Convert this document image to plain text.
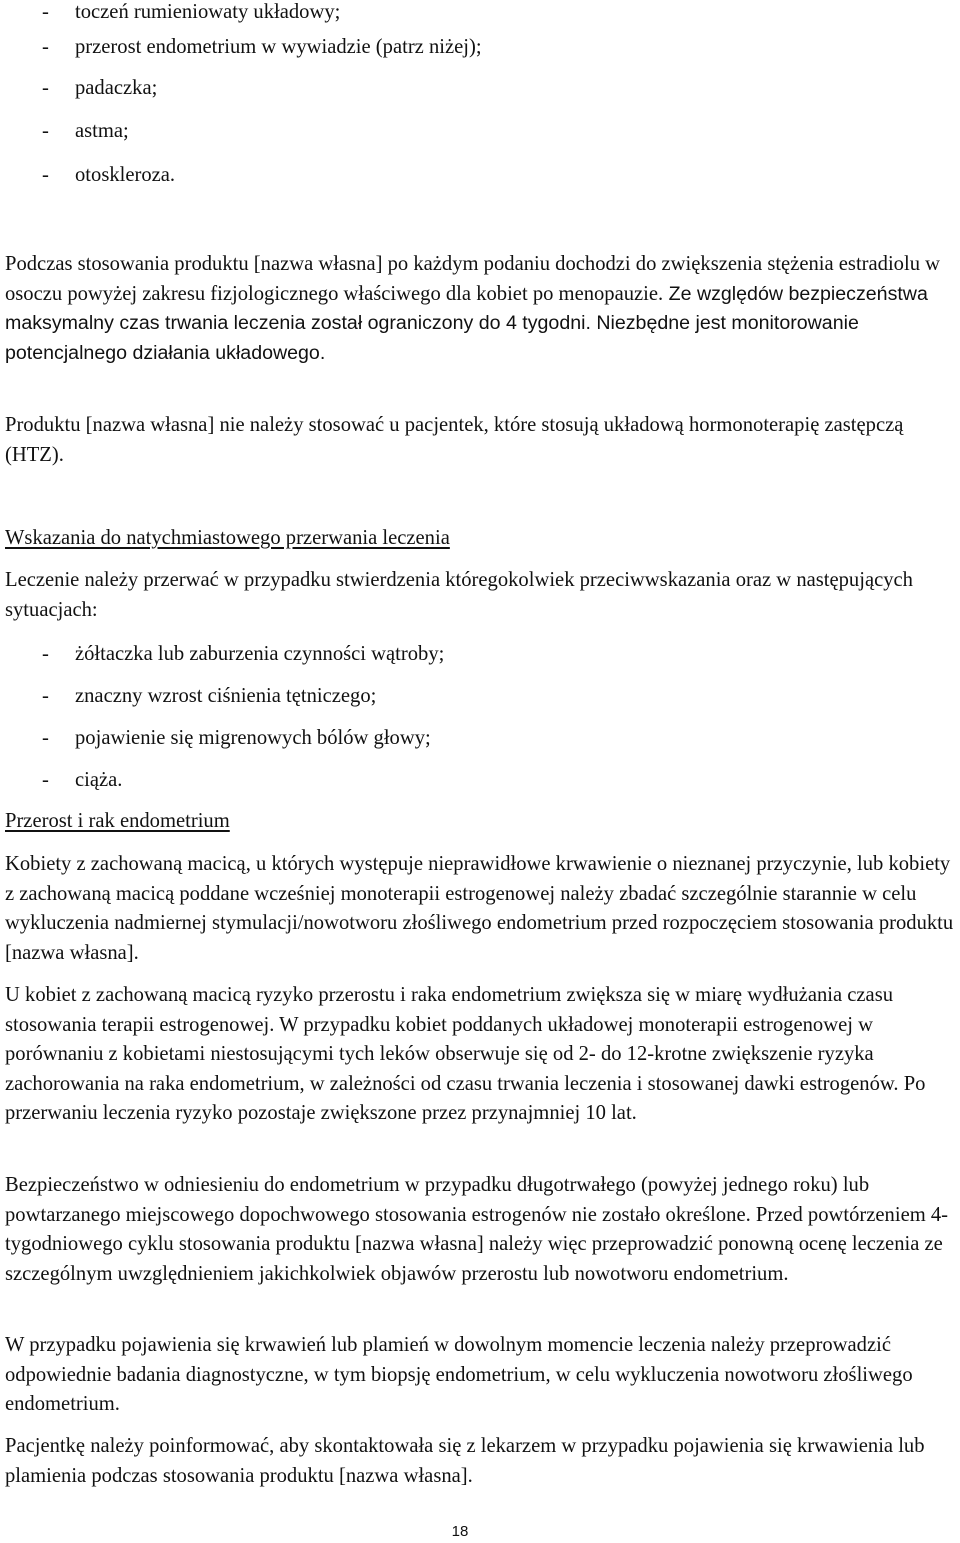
- toczeń rumieniowaty układowy;

- przerost endometrium w wywiadzie (patrz niżej);

- padaczka;

- astma;

- otoskleroza.

Podczas stosowania produktu [nazwa własna] po każdym podaniu dochodzi do zwiększenia stężenia estradiolu w osoczu powyżej zakresu fizjologicznego właściwego dla kobiet po menopauzie. Ze względów bezpieczeństwa maksymalny czas trwania leczenia został ograniczony do 4 tygodni. Niezbędne jest monitorowanie potencjalnego działania układowego.

Produktu [nazwa własna] nie należy stosować u pacjentek, które stosują układową hormonoterapię zastępczą (HTZ).

Wskazania do natychmiastowego przerwania leczenia

Leczenie należy przerwać w przypadku stwierdzenia któregokolwiek przeciwwskazania oraz w następujących sytuacjach:

- żółtaczka lub zaburzenia czynności wątroby;

- znaczny wzrost ciśnienia tętniczego;

- pojawienie się migrenowych bólów głowy;

- ciąża.

Przerost i rak endometrium

Kobiety z zachowaną macicą, u których występuje nieprawidłowe krwawienie o nieznanej przyczynie, lub kobiety z zachowaną macicą poddane wcześniej monoterapii estrogenowej należy zbadać szczególnie starannie w celu wykluczenia nadmiernej stymulacji/nowotworu złośliwego endometrium przed rozpoczęciem stosowania produktu [nazwa własna].

U kobiet z zachowaną macicą ryzyko przerostu i raka endometrium zwiększa się w miarę wydłużania czasu stosowania terapii estrogenowej. W przypadku kobiet poddanych układowej monoterapii estrogenowej w porównaniu z kobietami niestosującymi tych leków obserwuje się od 2- do 12-krotne zwiększenie ryzyka zachorowania na raka endometrium, w zależności od czasu trwania leczenia i stosowanej dawki estrogenów. Po przerwaniu leczenia ryzyko pozostaje zwiększone przez przynajmniej 10 lat.

Bezpieczeństwo w odniesieniu do endometrium w przypadku długotrwałego (powyżej jednego roku) lub powtarzanego miejscowego dopochwowego stosowania estrogenów nie zostało określone. Przed powtórzeniem 4-tygodniowego cyklu stosowania produktu [nazwa własna] należy więc przeprowadzić ponowną ocenę leczenia ze szczególnym uwzględnieniem jakichkolwiek objawów przerostu lub nowotworu endometrium.

W przypadku pojawienia się krwawień lub plamień w dowolnym momencie leczenia należy przeprowadzić odpowiednie badania diagnostyczne, w tym biopsję endometrium, w celu wykluczenia nowotworu złośliwego endometrium.

Pacjentkę należy poinformować, aby skontaktowała się z lekarzem w przypadku pojawienia się krwawienia lub plamienia podczas stosowania produktu [nazwa własna].

18
